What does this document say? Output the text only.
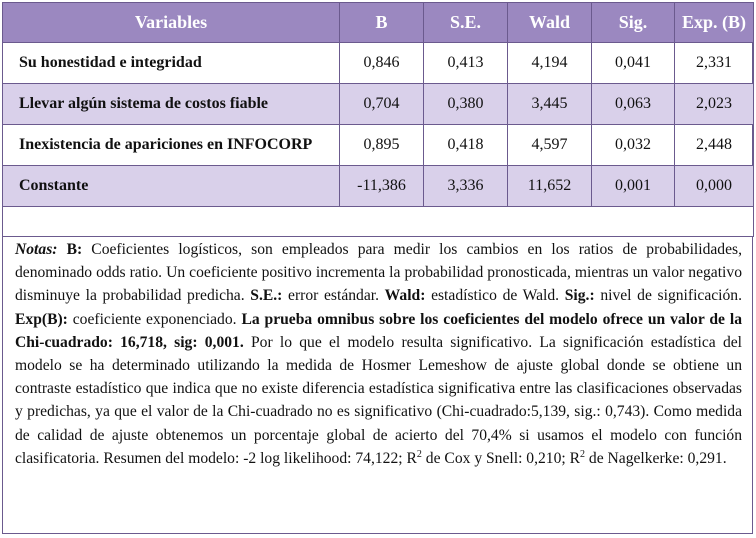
Variables	B	S.E.	Wald	Sig.	Exp. (B)
Su honestidad e integridad	0,846	0,413	4,194	0,041	2,331
Llevar algún sistema de costos fiable	0,704	0,380	3,445	0,063	2,023
Inexistencia de apariciones en INFOCORP	0,895	0,418	4,597	0,032	2,448
Constante	-11,386	3,336	11,652	0,001	0,000

Notas: B: Coeficientes logísticos, son empleados para medir los cambios en los ratios de probabilidades, denominado odds ratio. Un coeficiente positivo incrementa la probabilidad pronosticada, mientras un valor negativo disminuye la probabilidad predicha. S.E.: error estándar. Wald: estadístico de Wald. Sig.: nivel de significación. Exp(B): coeficiente exponenciado. La prueba omnibus sobre los coeficientes del modelo ofrece un valor de la Chi-cuadrado: 16,718, sig: 0,001. Por lo que el modelo resulta significativo. La significación estadística del modelo se ha determinado utilizando la medida de Hosmer Lemeshow de ajuste global donde se obtiene un contraste estadístico que indica que no existe diferencia estadística significativa entre las clasificaciones observadas y predichas, ya que el valor de la Chi-cuadrado no es significativo (Chi-cuadrado:5,139, sig.: 0,743). Como medida de calidad de ajuste obtenemos un porcentaje global de acierto del 70,4% si usamos el modelo con función clasificatoria. Resumen del modelo: -2 log likelihood: 74,122; $R^2$ de Cox y Snell: 0,210; $R^2$ de Nagelkerke: 0,291.
